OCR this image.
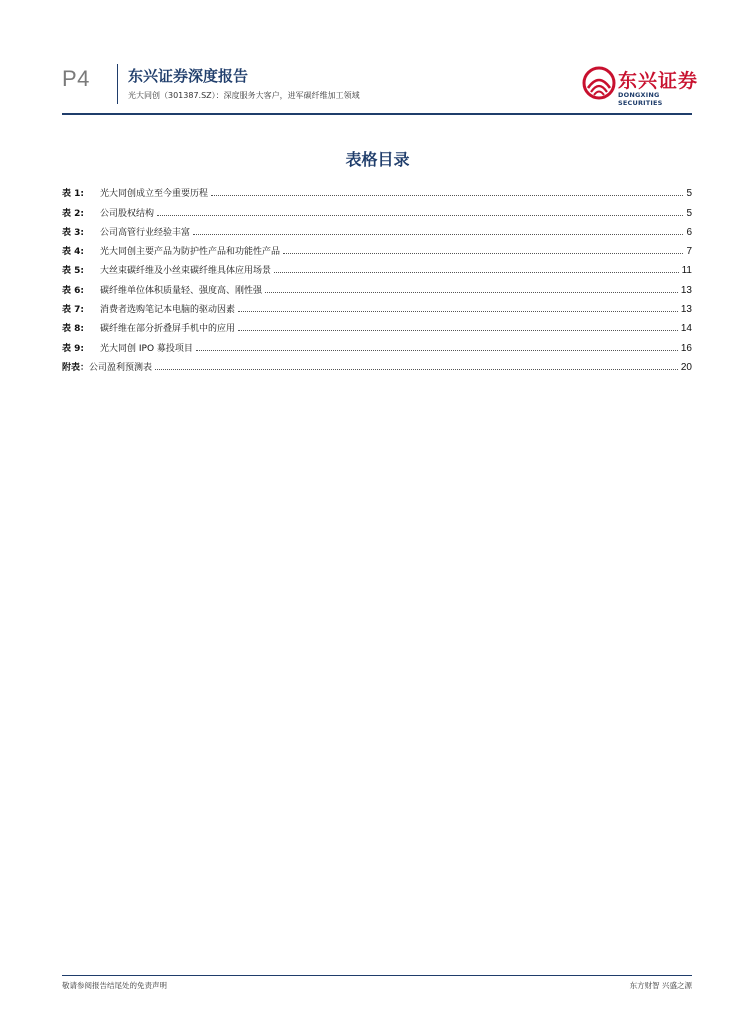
P4	东兴证券深度报告
光大同创（301387.SZ）：深度服务大客户，进军碳纤维加工领域
东兴证券
DONGXING SECURITIES
表格目录
表 1:	光大同创成立至今重要历程	5
表 2:	公司股权结构	5
表 3:	公司高管行业经验丰富	6
表 4:	光大同创主要产品为防护性产品和功能性产品	7
表 5:	大丝束碳纤维及小丝束碳纤维具体应用场景	11
表 6:	碳纤维单位体积质量轻、强度高、刚性强	13
表 7:	消费者选购笔记本电脑的驱动因素	13
表 8:	碳纤维在部分折叠屏手机中的应用	14
表 9:	光大同创 IPO 募投项目	16
附表： 公司盈利预测表	20
敬请参阅报告结尾处的免责声明	东方财智 兴盛之源
